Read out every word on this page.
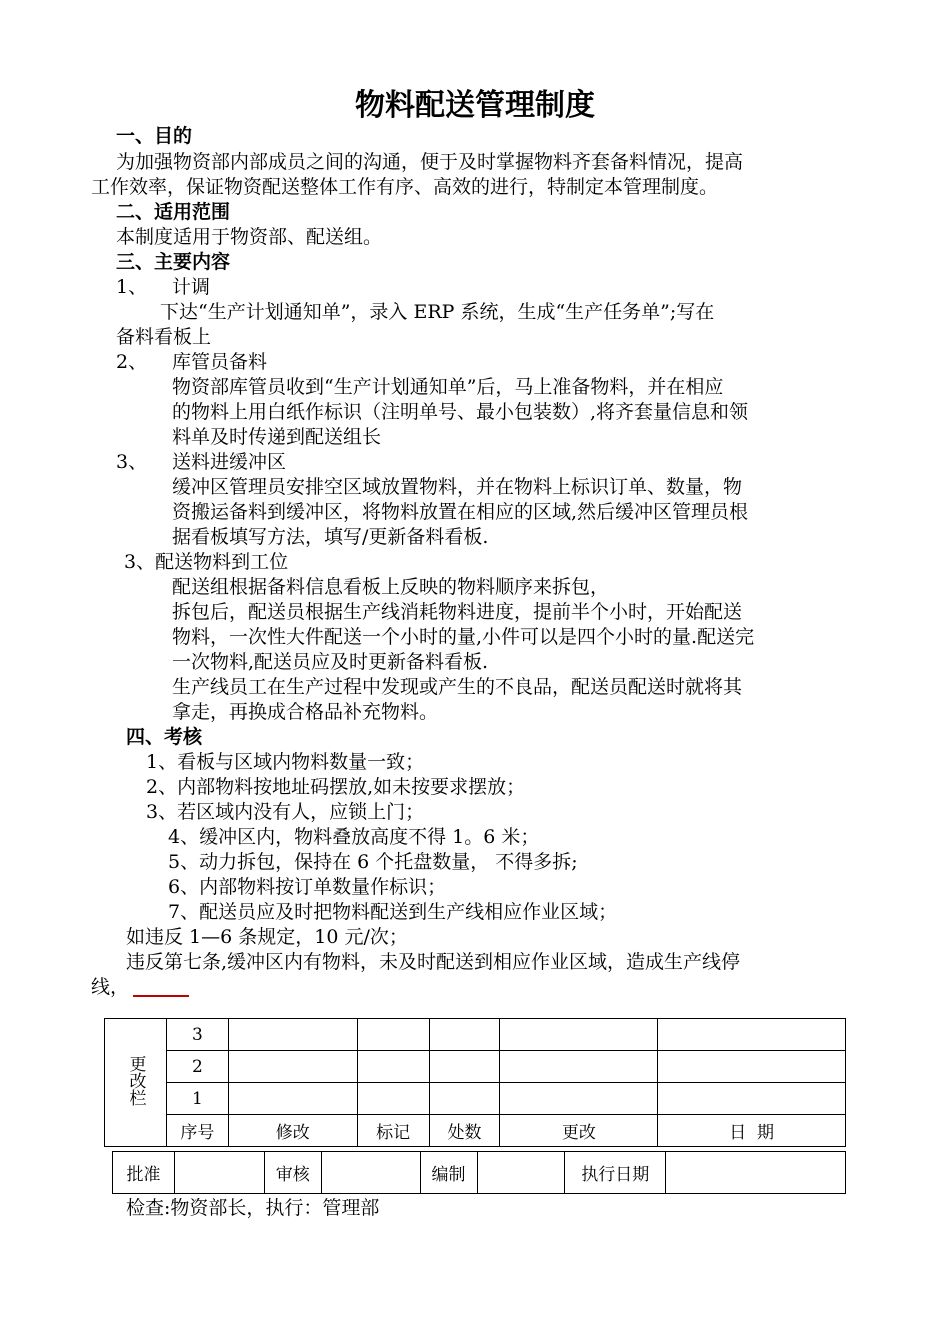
物料配送管理制度
一、目的
为加强物资部内部成员之间的沟通，便于及时掌握物料齐套备料情况，提高
工作效率，保证物资配送整体工作有序、高效的进行，特制定本管理制度。
二、适用范围
本制度适用于物资部、配送组。
三、主要内容
1、 计调
下达“生产计划通知单”，录入 ERP 系统，生成“生产任务单”;写在
备料看板上
2、 库管员备料
物资部库管员收到“生产计划通知单”后，马上准备物料，并在相应
的物料上用白纸作标识（注明单号、最小包装数）,将齐套量信息和领
料单及时传递到配送组长
3、 送料进缓冲区
缓冲区管理员安排空区域放置物料，并在物料上标识订单、数量，物
资搬运备料到缓冲区，将物料放置在相应的区域,然后缓冲区管理员根
据看板填写方法，填写/更新备料看板.
3、配送物料到工位
配送组根据备料信息看板上反映的物料顺序来拆包，
拆包后，配送员根据生产线消耗物料进度，提前半个小时，开始配送
物料，一次性大件配送一个小时的量,小件可以是四个小时的量.配送完
一次物料,配送员应及时更新备料看板.
生产线员工在生产过程中发现或产生的不良品，配送员配送时就将其
拿走，再换成合格品补充物料。
四、考核
1、看板与区域内物料数量一致；
2、内部物料按地址码摆放,如未按要求摆放；
3、若区域内没有人，应锁上门；
4、缓冲区内，物料叠放高度不得 1。6 米；
5、动力拆包，保持在 6 个托盘数量， 不得多拆;
6、内部物料按订单数量作标识；
7、配送员应及时把物料配送到生产线相应作业区域；
如违反 1—6 条规定，10 元/次；
违反第七条,缓冲区内有物料，未及时配送到相应作业区域，造成生产线停
线，
更改栏	3					
	2					
	1					
	序号	修改	标记	处数	更改	日  期
批准		审核		编制		执行日期	
检查:物资部长，执行：管理部
